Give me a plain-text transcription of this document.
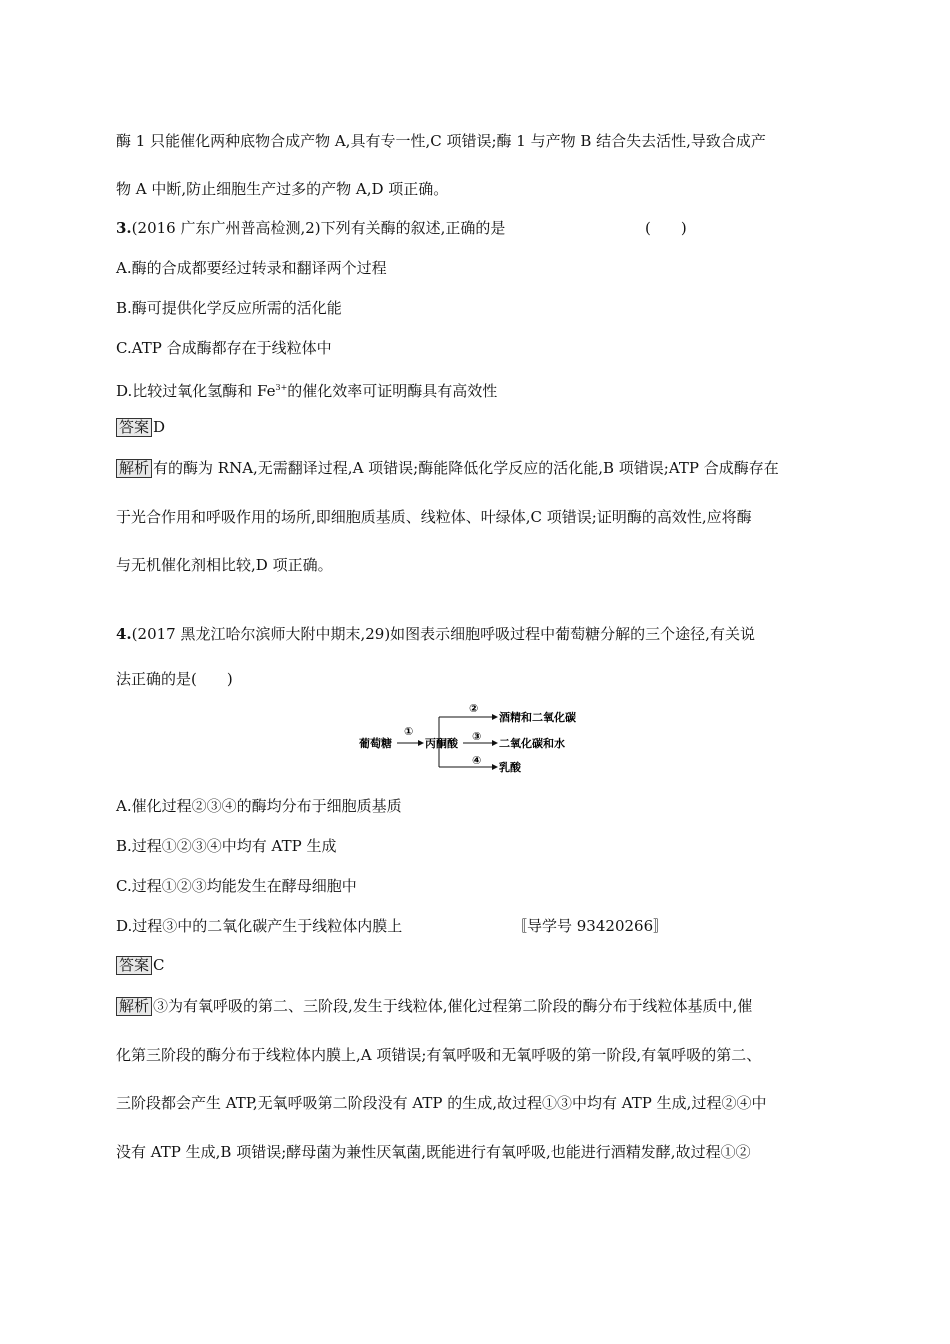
酶 1 只能催化两种底物合成产物 A,具有专一性,C 项错误;酶 1 与产物 B 结合失去活性,导致合成产
物 A 中断,防止细胞生产过多的产物 A,D 项正确。
3.(2016 广东广州普高检测,2)下列有关酶的叙述,正确的是	(　　)
A.酶的合成都要经过转录和翻译两个过程
B.酶可提供化学反应所需的活化能
C.ATP 合成酶都存在于线粒体中
D.比较过氧化氢酶和 $Fe^{3+}$的催化效率可证明酶具有高效性
答案 D
解析 有的酶为 RNA,无需翻译过程,A 项错误;酶能降低化学反应的活化能,B 项错误;ATP 合成酶存在
于光合作用和呼吸作用的场所,即细胞质基质、线粒体、叶绿体,C 项错误;证明酶的高效性,应将酶
与无机催化剂相比较,D 项正确。
4.(2017 黑龙江哈尔滨师大附中期末,29)如图表示细胞呼吸过程中葡萄糖分解的三个途径,有关说
法正确的是(　　)
葡萄糖
①
丙酮酸
②
酒精和二氧化碳
③
二氧化碳和水
④
乳酸
A.催化过程②③④的酶均分布于细胞质基质
B.过程①②③④中均有 ATP 生成
C.过程①②③均能发生在酵母细胞中
D.过程③中的二氧化碳产生于线粒体内膜上	〚导学号 93420266〛
答案 C
解析 ③为有氧呼吸的第二、三阶段,发生于线粒体,催化过程第二阶段的酶分布于线粒体基质中,催
化第三阶段的酶分布于线粒体内膜上,A 项错误;有氧呼吸和无氧呼吸的第一阶段,有氧呼吸的第二、
三阶段都会产生 ATP,无氧呼吸第二阶段没有 ATP 的生成,故过程①③中均有 ATP 生成,过程②④中
没有 ATP 生成,B 项错误;酵母菌为兼性厌氧菌,既能进行有氧呼吸,也能进行酒精发酵,故过程①②
